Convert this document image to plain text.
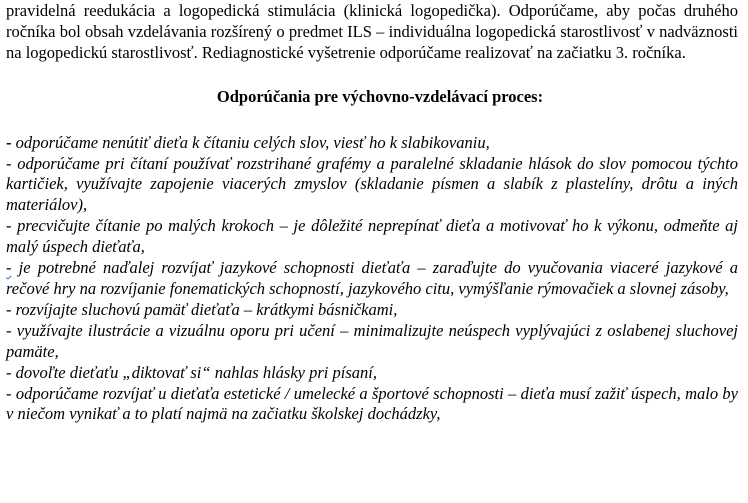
pravidelná reedukácia a logopedická stimulácia (klinická logopedička). Odporúčame, aby počas druhého ročníka bol obsah vzdelávania rozšírený o predmet ILS – individuálna logopedická starostlivosť v nadväznosti na logopedickú starostlivosť. Rediagnostické vyšetrenie odporúčame realizovať na začiatku 3. ročníka.

Odporúčania pre výchovno-vzdelávací proces:

- odporúčame nenútiť dieťa k čítaniu celých slov, viesť ho k slabikovaniu,

- odporúčame pri čítaní používať rozstrihané grafémy a paralelné skladanie hlások do slov pomocou týchto kartičiek, využívajte zapojenie viacerých zmyslov (skladanie písmen a slabík z plastelíny, drôtu a iných materiálov),

- precvičujte čítanie po malých krokoch – je dôležité neprepínať dieťa a motivovať ho k výkonu, odmeňte aj malý úspech dieťaťa,

- je potrebné naďalej rozvíjať jazykové schopnosti dieťaťa – zaraďujte do vyučovania viaceré jazykové a rečové hry na rozvíjanie fonematických schopností, jazykového citu, vymýšľanie rýmovačiek a slovnej zásoby,

- rozvíjajte sluchovú pamäť dieťaťa – krátkymi básničkami,

- využívajte ilustrácie a vizuálnu oporu pri učení – minimalizujte neúspech vyplývajúci z oslabenej sluchovej pamäte,

- dovoľte dieťaťu „diktovať si“ nahlas hlásky pri písaní,

- odporúčame rozvíjať u dieťaťa estetické / umelecké a športové schopnosti – dieťa musí zažiť úspech, malo by v niečom vynikať a to platí najmä na začiatku školskej dochádzky,
